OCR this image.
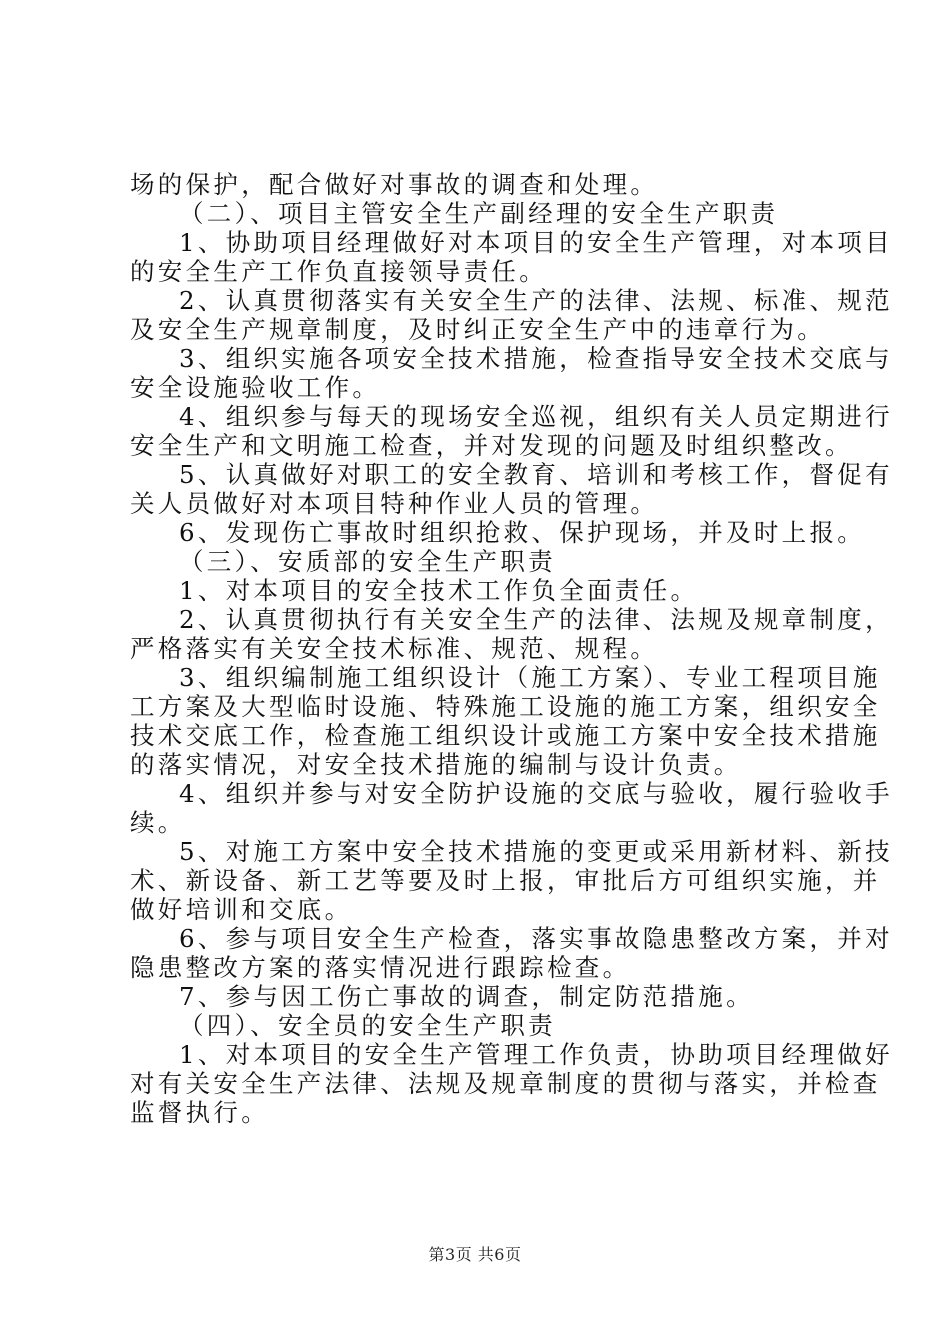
场的保护，配合做好对事故的调查和处理。
（二）、项目主管安全生产副经理的安全生产职责
1、协助项目经理做好对本项目的安全生产管理，对本项目
的安全生产工作负直接领导责任。
2、认真贯彻落实有关安全生产的法律、法规、标准、规范
及安全生产规章制度，及时纠正安全生产中的违章行为。
3、组织实施各项安全技术措施，检查指导安全技术交底与
安全设施验收工作。
4、组织参与每天的现场安全巡视，组织有关人员定期进行
安全生产和文明施工检查，并对发现的问题及时组织整改。
5、认真做好对职工的安全教育、培训和考核工作，督促有
关人员做好对本项目特种作业人员的管理。
6、发现伤亡事故时组织抢救、保护现场，并及时上报。
（三）、安质部的安全生产职责
1、对本项目的安全技术工作负全面责任。
2、认真贯彻执行有关安全生产的法律、法规及规章制度，
严格落实有关安全技术标准、规范、规程。
3、组织编制施工组织设计（施工方案）、专业工程项目施
工方案及大型临时设施、特殊施工设施的施工方案，组织安全
技术交底工作，检查施工组织设计或施工方案中安全技术措施
的落实情况，对安全技术措施的编制与设计负责。
4、组织并参与对安全防护设施的交底与验收，履行验收手
续。
5、对施工方案中安全技术措施的变更或采用新材料、新技
术、新设备、新工艺等要及时上报，审批后方可组织实施，并
做好培训和交底。
6、参与项目安全生产检查，落实事故隐患整改方案，并对
隐患整改方案的落实情况进行跟踪检查。
7、参与因工伤亡事故的调查，制定防范措施。
（四）、安全员的安全生产职责
1、对本项目的安全生产管理工作负责，协助项目经理做好
对有关安全生产法律、法规及规章制度的贯彻与落实，并检查
监督执行。
第3页 共6页
